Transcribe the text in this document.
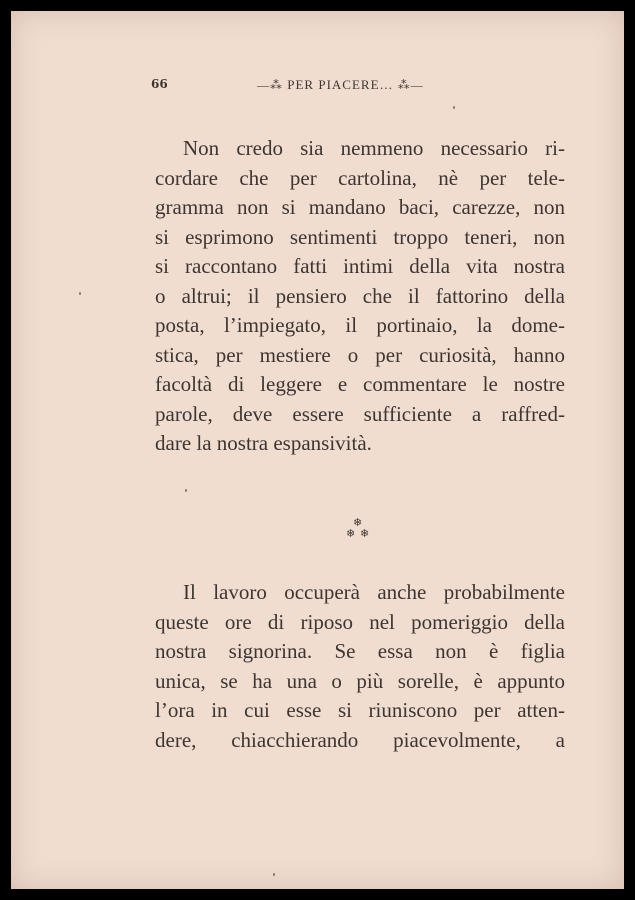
66	—⁂ PER PIACERE… ⁂—
Non credo sia nemmeno necessario ri-
cordare che per cartolina, nè per tele-
gramma non si mandano baci, carezze, non
si esprimono sentimenti troppo teneri, non
si raccontano fatti intimi della vita nostra
o altrui; il pensiero che il fattorino della
posta, l’impiegato, il portinaio, la dome-
stica, per mestiere o per curiosità, hanno
facoltà di leggere e commentare le nostre
parole, deve essere sufficiente a raffred-
dare la nostra espansività.
❄
❄ ❄
Il lavoro occuperà anche probabilmente
queste ore di riposo nel pomeriggio della
nostra signorina. Se essa non è figlia
unica, se ha una o più sorelle, è appunto
l’ora in cui esse si riuniscono per atten-
dere, chiacchierando piacevolmente, a
